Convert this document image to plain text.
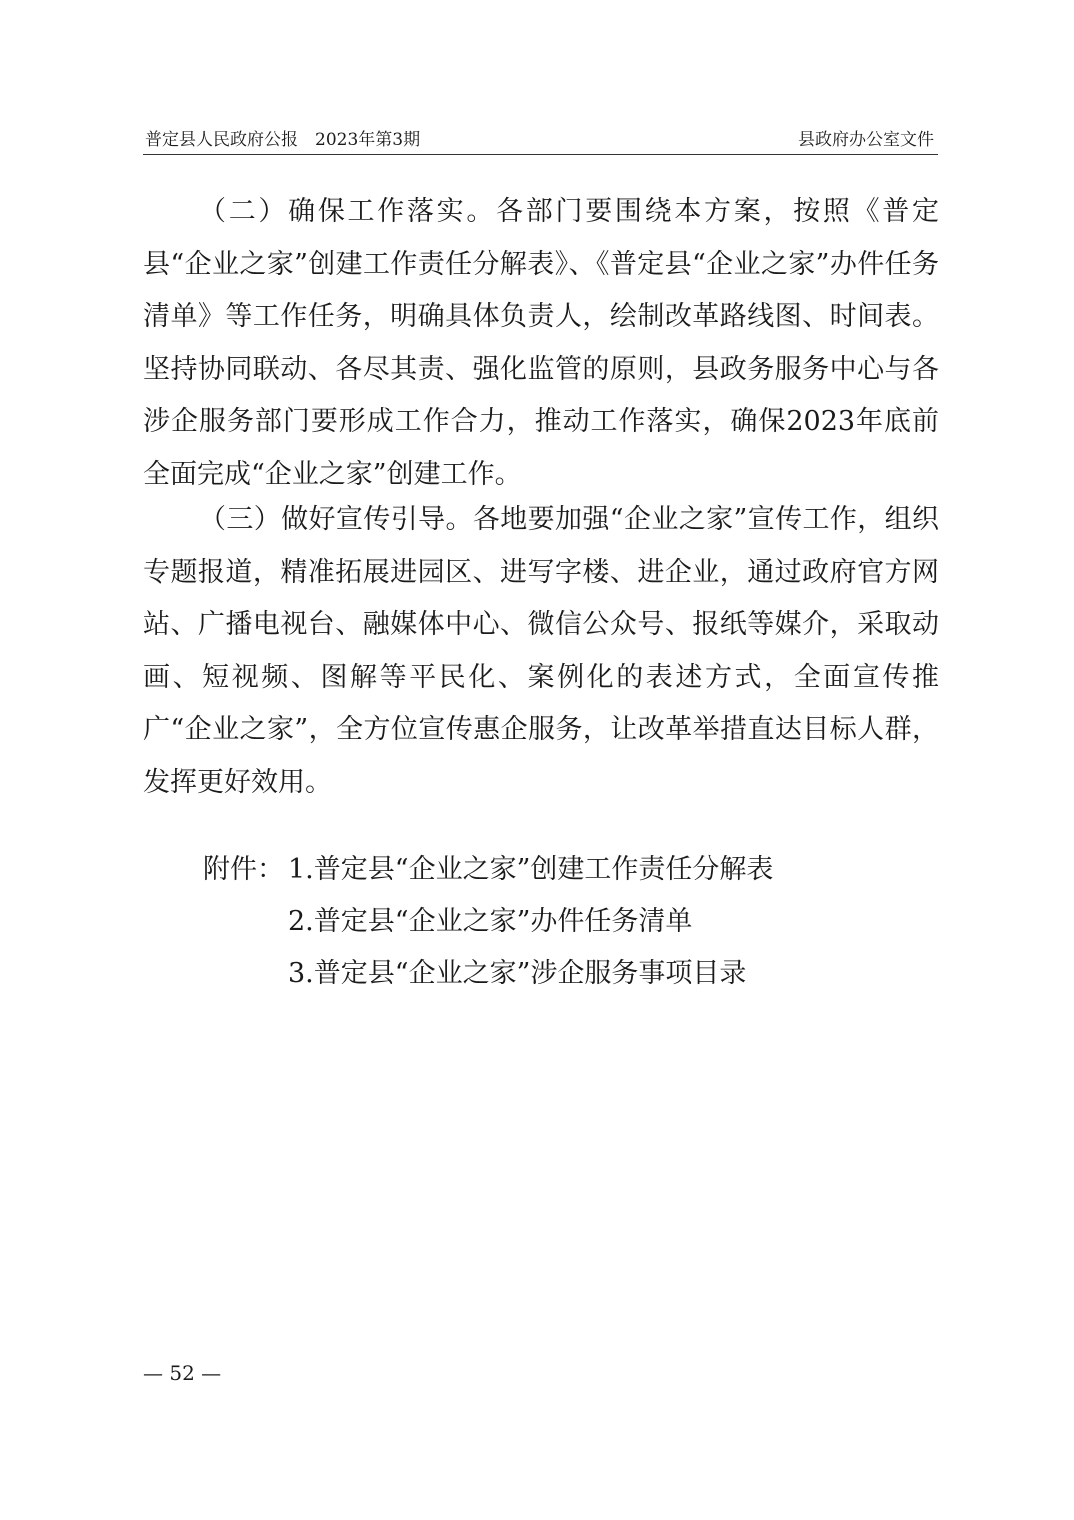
普定县人民政府公报　2023年第3期	县政府办公室文件

（二）确保工作落实。各部门要围绕本方案，按照《普定县“企业之家”创建工作责任分解表》、《普定县“企业之家”办件任务清单》等工作任务，明确具体负责人，绘制改革路线图、时间表。坚持协同联动、各尽其责、强化监管的原则，县政务服务中心与各涉企服务部门要形成工作合力，推动工作落实，确保2023年底前全面完成“企业之家”创建工作。

（三）做好宣传引导。各地要加强“企业之家”宣传工作，组织专题报道，精准拓展进园区、进写字楼、进企业，通过政府官方网站、广播电视台、融媒体中心、微信公众号、报纸等媒介，采取动画、短视频、图解等平民化、案例化的表述方式，全面宣传推广“企业之家”，全方位宣传惠企服务，让改革举措直达目标人群，发挥更好效用。

附件： 1.普定县“企业之家”创建工作责任分解表
2.普定县“企业之家”办件任务清单
3.普定县“企业之家”涉企服务事项目录
— 52 —
